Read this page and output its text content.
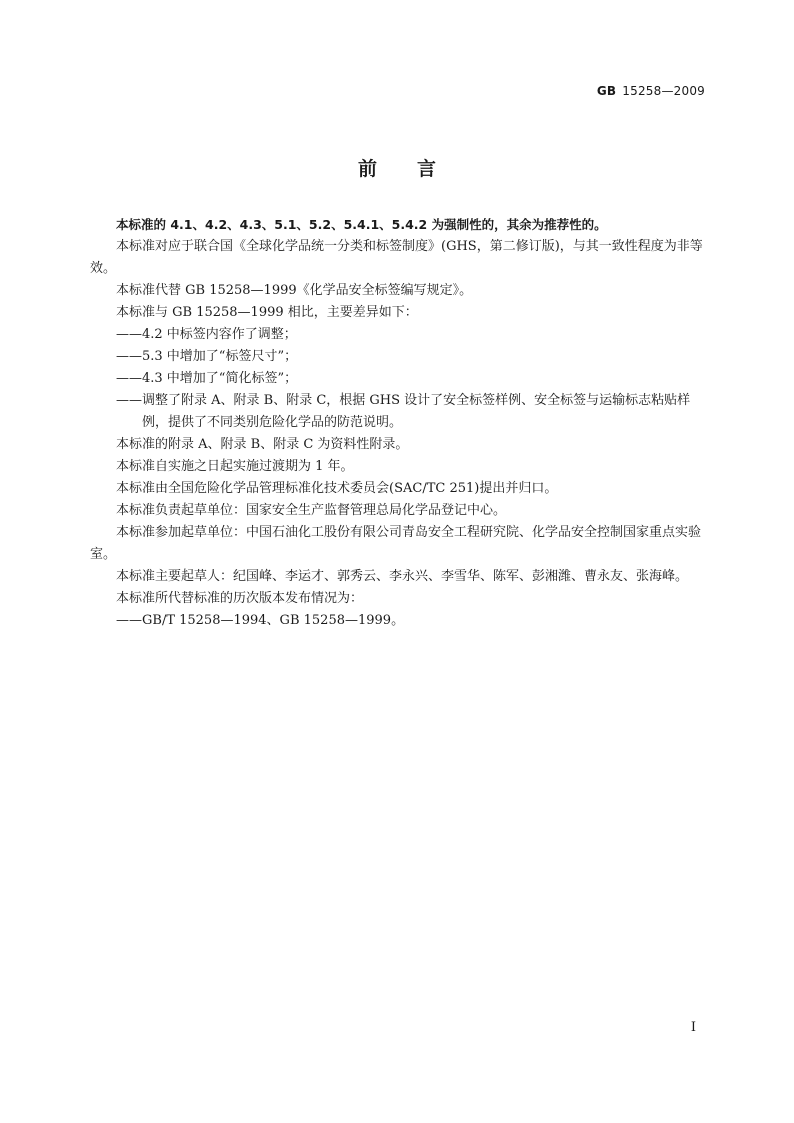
GB 15258—2009
前言

本标准的 4.1、4.2、4.3、5.1、5.2、5.4.1、5.4.2 为强制性的，其余为推荐性的。

本标准对应于联合国《全球化学品统一分类和标签制度》(GHS，第二修订版)，与其一致性程度为非等效。

本标准代替 GB 15258—1999《化学品安全标签编写规定》。

本标准与 GB 15258—1999 相比，主要差异如下：

——4.2 中标签内容作了调整；

——5.3 中增加了“标签尺寸”；

——4.3 中增加了“简化标签”；

——调整了附录 A、附录 B、附录 C，根据 GHS 设计了安全标签样例、安全标签与运输标志粘贴样例，提供了不同类别危险化学品的防范说明。

本标准的附录 A、附录 B、附录 C 为资料性附录。

本标准自实施之日起实施过渡期为 1 年。

本标准由全国危险化学品管理标准化技术委员会(SAC/TC 251)提出并归口。

本标准负责起草单位：国家安全生产监督管理总局化学品登记中心。

本标准参加起草单位：中国石油化工股份有限公司青岛安全工程研究院、化学品安全控制国家重点实验室。

本标准主要起草人：纪国峰、李运才、郭秀云、李永兴、李雪华、陈军、彭湘潍、曹永友、张海峰。

本标准所代替标准的历次版本发布情况为：

——GB/T 15258—1994、GB 15258—1999。

I
